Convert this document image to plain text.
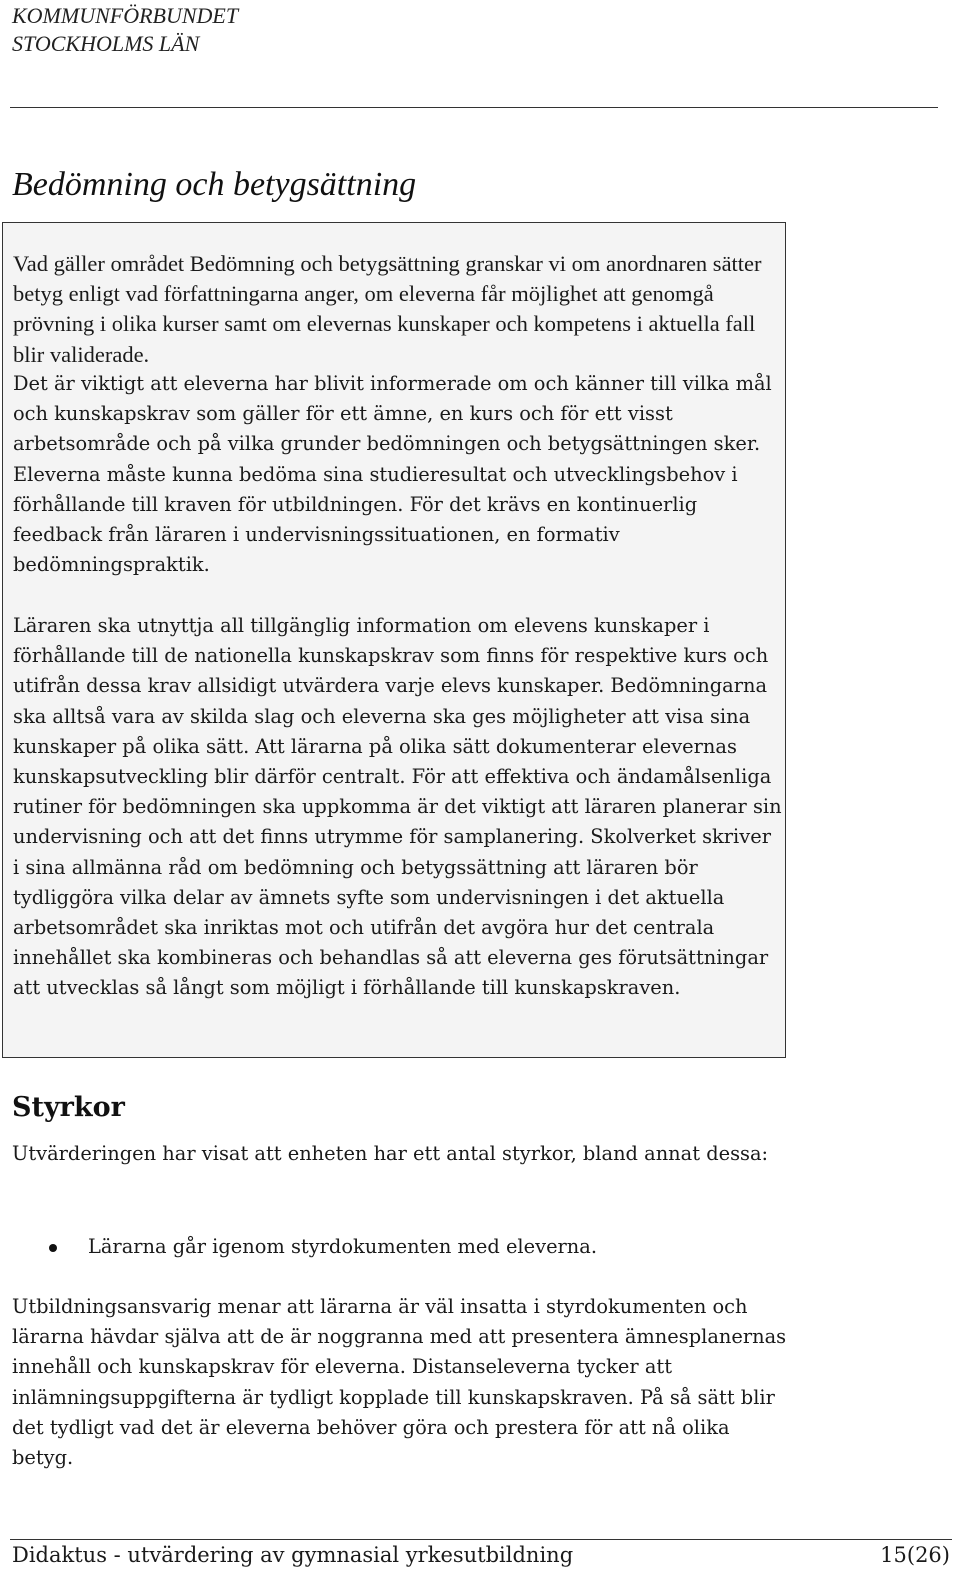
KOMMUNFÖRBUNDET
STOCKHOLMS LÄN
Bedömning och betygsättning

Vad gäller området Bedömning och betygsättning granskar vi om anordnaren sätter betyg enligt vad författningarna anger, om eleverna får möjlighet att genomgå prövning i olika kurser samt om elevernas kunskaper och kompetens i aktuella fall blir validerade.

Det är viktigt att eleverna har blivit informerade om och känner till vilka mål och kunskapskrav som gäller för ett ämne, en kurs och för ett visst arbetsområde och på vilka grunder bedömningen och betygsättningen sker. Eleverna måste kunna bedöma sina studieresultat och utvecklingsbehov i förhållande till kraven för utbildningen. För det krävs en kontinuerlig feedback från läraren i undervisningssituationen, en formativ bedömningspraktik.

Läraren ska utnyttja all tillgänglig information om elevens kunskaper i förhållande till de nationella kunskapskrav som finns för respektive kurs och utifrån dessa krav allsidigt utvärdera varje elevs kunskaper. Bedömningarna ska alltså vara av skilda slag och eleverna ska ges möjligheter att visa sina kunskaper på olika sätt. Att lärarna på olika sätt dokumenterar elevernas kunskapsutveckling blir därför centralt. För att effektiva och ändamålsenliga rutiner för bedömningen ska uppkomma är det viktigt att läraren planerar sin undervisning och att det finns utrymme för samplanering. Skolverket skriver i sina allmänna råd om bedömning och betygssättning att läraren bör tydliggöra vilka delar av ämnets syfte som undervisningen i det aktuella arbetsområdet ska inriktas mot och utifrån det avgöra hur det centrala innehållet ska kombineras och behandlas så att eleverna ges förutsättningar att utvecklas så långt som möjligt i förhållande till kunskapskraven.

Styrkor

Utvärderingen har visat att enheten har ett antal styrkor, bland annat dessa:

Lärarna går igenom styrdokumenten med eleverna.

Utbildningsansvarig menar att lärarna är väl insatta i styrdokumenten och lärarna hävdar själva att de är noggranna med att presentera ämnesplanernas innehåll och kunskapskrav för eleverna. Distanseleverna tycker att inlämningsuppgifterna är tydligt kopplade till kunskapskraven. På så sätt blir det tydligt vad det är eleverna behöver göra och prestera för att nå olika betyg.

Didaktus - utvärdering av gymnasial yrkesutbildning	15(26)
